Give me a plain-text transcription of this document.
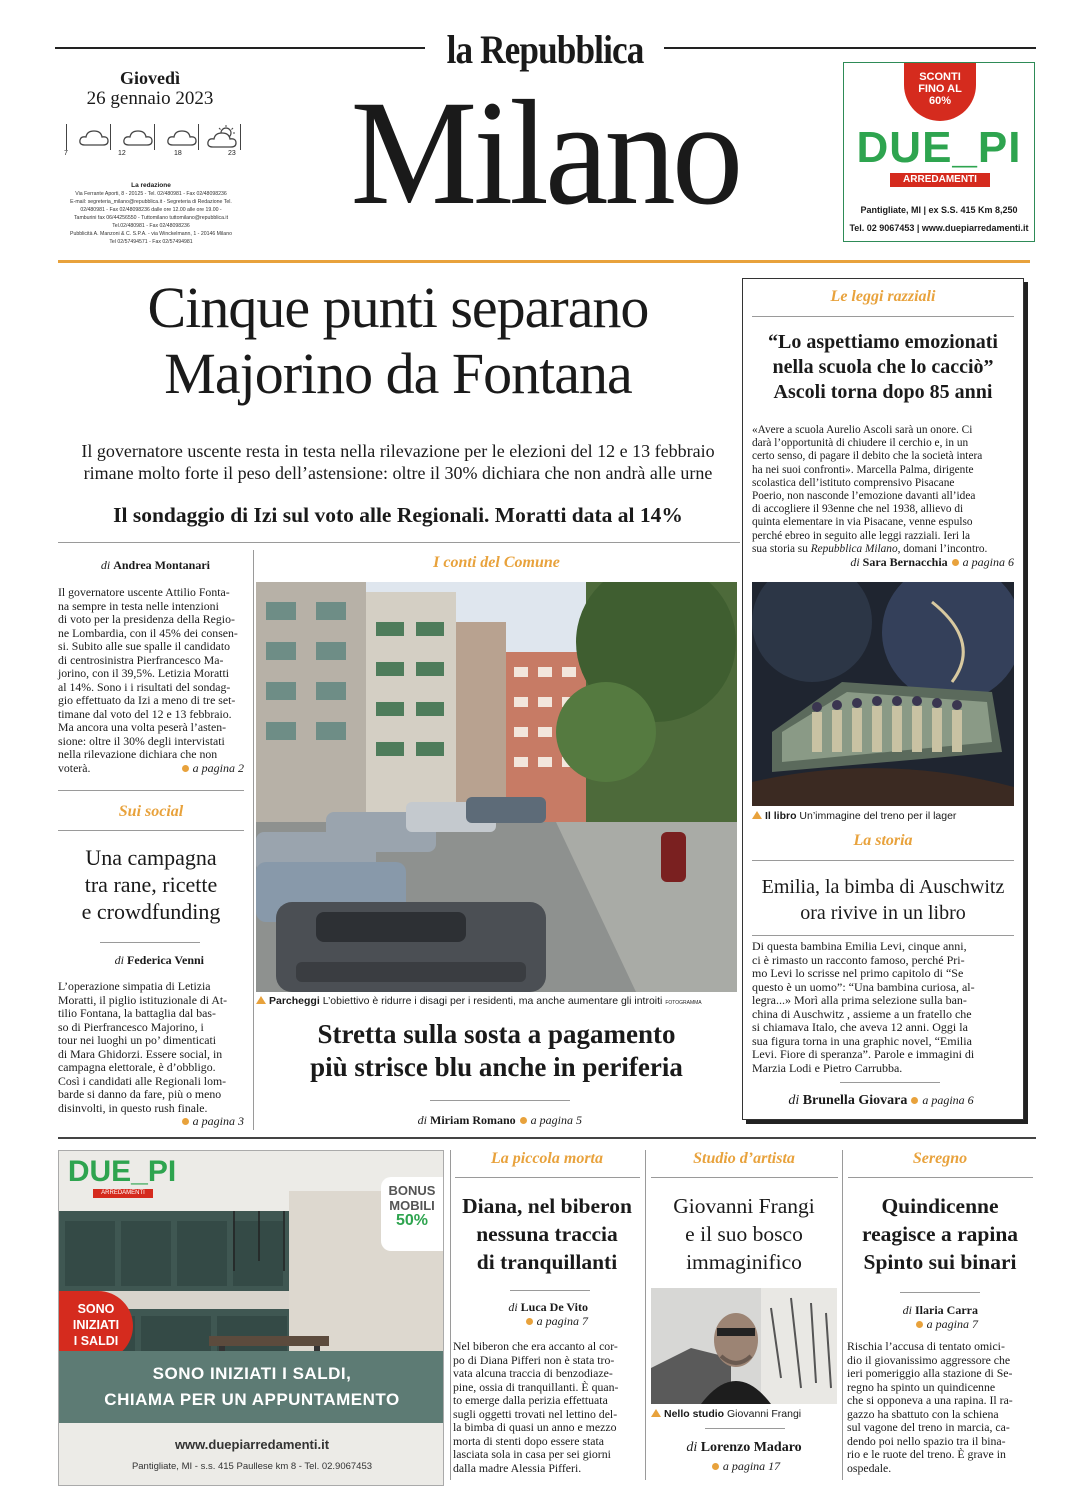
la Repubblica
Milano
Giovedì
26 gennaio 2023
7	12	18	23
La redazione
Via Ferrante Aporti, 8 - 20125 - Tel. 02/480981 - Fax 02/48098236
E-mail: segreteria_milano@repubblica.it - Segreteria di Redazione Tel.
02/480981 - Fax 02/48098236 dalle ore 12.00 alle ore 19.00 -
Tamburini fax 06/44256550 - Tuttomilano tuttomilano@repubblica.it
Tel.02/480981 - Fax 02/48098236
Pubblicità A. Manzoni & C. S.P.A. - via Winckelmann, 1 - 20146 Milano
Tel 02/57494571 - Fax 02/57494981
SCONTI
FINO AL
60%
DUE_PI
ARREDAMENTI
Pantigliate, MI | ex S.S. 415 Km 8,250
Tel. 02 9067453 | www.duepiarredamenti.it
Cinque punti separano
Majorino da Fontana
Il governatore uscente resta in testa nella rilevazione per le elezioni del 12 e 13 febbraio
rimane molto forte il peso dell’astensione: oltre il 30% dichiara che non andrà alle urne
Il sondaggio di Izi sul voto alle Regionali. Moratti data al 14%
di Andrea Montanari
Il governatore uscente Attilio Fonta-
na sempre in testa nelle intenzioni
di voto per la presidenza della Regio-
ne Lombardia, con il 45% dei consen-
si. Subito alle sue spalle il candidato
di centrosinistra Pierfrancesco Ma-
jorino, con il 39,5%. Letizia Moratti
al 14%. Sono i i risultati del sondag-
gio effettuato da Izi a meno di tre set-
timane dal voto del 12 e 13 febbraio.
Ma ancora una volta peserà l’asten-
sione: oltre il 30% degli intervistati
nella rilevazione dichiara che non
voterà.	a pagina 2
Sui social
Una campagna
tra rane, ricette
e crowdfunding
di Federica Venni
L’operazione simpatia di Letizia
Moratti, il piglio istituzionale di At-
tilio Fontana, la battaglia dal bas-
so di Pierfrancesco Majorino, i
tour nei luoghi un po’ dimenticati
di Mara Ghidorzi. Essere social, in
campagna elettorale, è d’obbligo.
Così i candidati alle Regionali lom-
barde si danno da fare, più o meno
disinvolti, in questo rush finale.
a pagina 3
I conti del Comune
Parcheggi L’obiettivo è ridurre i disagi per i residenti, ma anche aumentare gli introiti FOTOGRAMMA
Stretta sulla sosta a pagamento
più strisce blu anche in periferia
di Miriam Romano a pagina 5
Le leggi razziali
“Lo aspettiamo emozionati
nella scuola che lo cacciò”
Ascoli torna dopo 85 anni
«Avere a scuola Aurelio Ascoli sarà un onore. Ci
darà l’opportunità di chiudere il cerchio e, in un
certo senso, di pagare il debito che la società intera
ha nei suoi confronti». Marcella Palma, dirigente
scolastica dell’istituto comprensivo Pisacane
Poerio, non nasconde l’emozione davanti all’idea
di accogliere il 93enne che nel 1938, allievo di
quinta elementare in via Pisacane, venne espulso
perché ebreo in seguito alle leggi razziali. Ieri la
sua storia su Repubblica Milano, domani l’incontro.
di Sara Bernacchia a pagina 6
Il libro Un’immagine del treno per il lager
La storia
Emilia, la bimba di Auschwitz
ora rivive in un libro
Di questa bambina Emilia Levi, cinque anni,
ci è rimasto un racconto famoso, perché Pri-
mo Levi lo scrisse nel primo capitolo di “Se
questo è un uomo”: “Una bambina curiosa, al-
legra...» Morì alla prima selezione sulla ban-
china di Auschwitz , assieme a un fratello che
si chiamava Italo, che aveva 12 anni. Oggi la
sua figura torna in una graphic novel, “Emilia
Levi. Fiore di speranza”. Parole e immagini di
Marzia Lodi e Pietro Carrubba.
di Brunella Giovara a pagina 6
DUE_PI
ARREDAMENTI	BONUS
MOBILI
50%
SONO
INIZIATI
I SALDI
SONO INIZIATI I SALDI,
CHIAMA PER UN APPUNTAMENTO
www.duepiarredamenti.it
Pantigliate, MI - s.s. 415 Paullese km 8 - Tel. 02.9067453
La piccola morta
Diana, nel biberon
nessuna traccia
di tranquillanti
di Luca De Vito
a pagina 7
Nel biberon che era accanto al cor-
po di Diana Pifferi non è stata tro-
vata alcuna traccia di benzodiaze-
pine, ossia di tranquillanti. È quan-
to emerge dalla perizia effettuata
sugli oggetti trovati nel lettino del-
la bimba di quasi un anno e mezzo
morta di stenti dopo essere stata
lasciata sola in casa per sei giorni
dalla madre Alessia Pifferi.
Studio d’artista
Giovanni Frangi
e il suo bosco
immaginifico
Nello studio Giovanni Frangi
di Lorenzo Madaro
a pagina 17
Seregno
Quindicenne
reagisce a rapina
Spinto sui binari
di Ilaria Carra
a pagina 7
Rischia l’accusa di tentato omici-
dio il giovanissimo aggressore che
ieri pomeriggio alla stazione di Se-
regno ha spinto un quindicenne
che si opponeva a una rapina. Il ra-
gazzo ha sbattuto con la schiena
sul vagone del treno in marcia, ca-
dendo poi nello spazio tra il bina-
rio e le ruote del treno. È grave in
ospedale.
